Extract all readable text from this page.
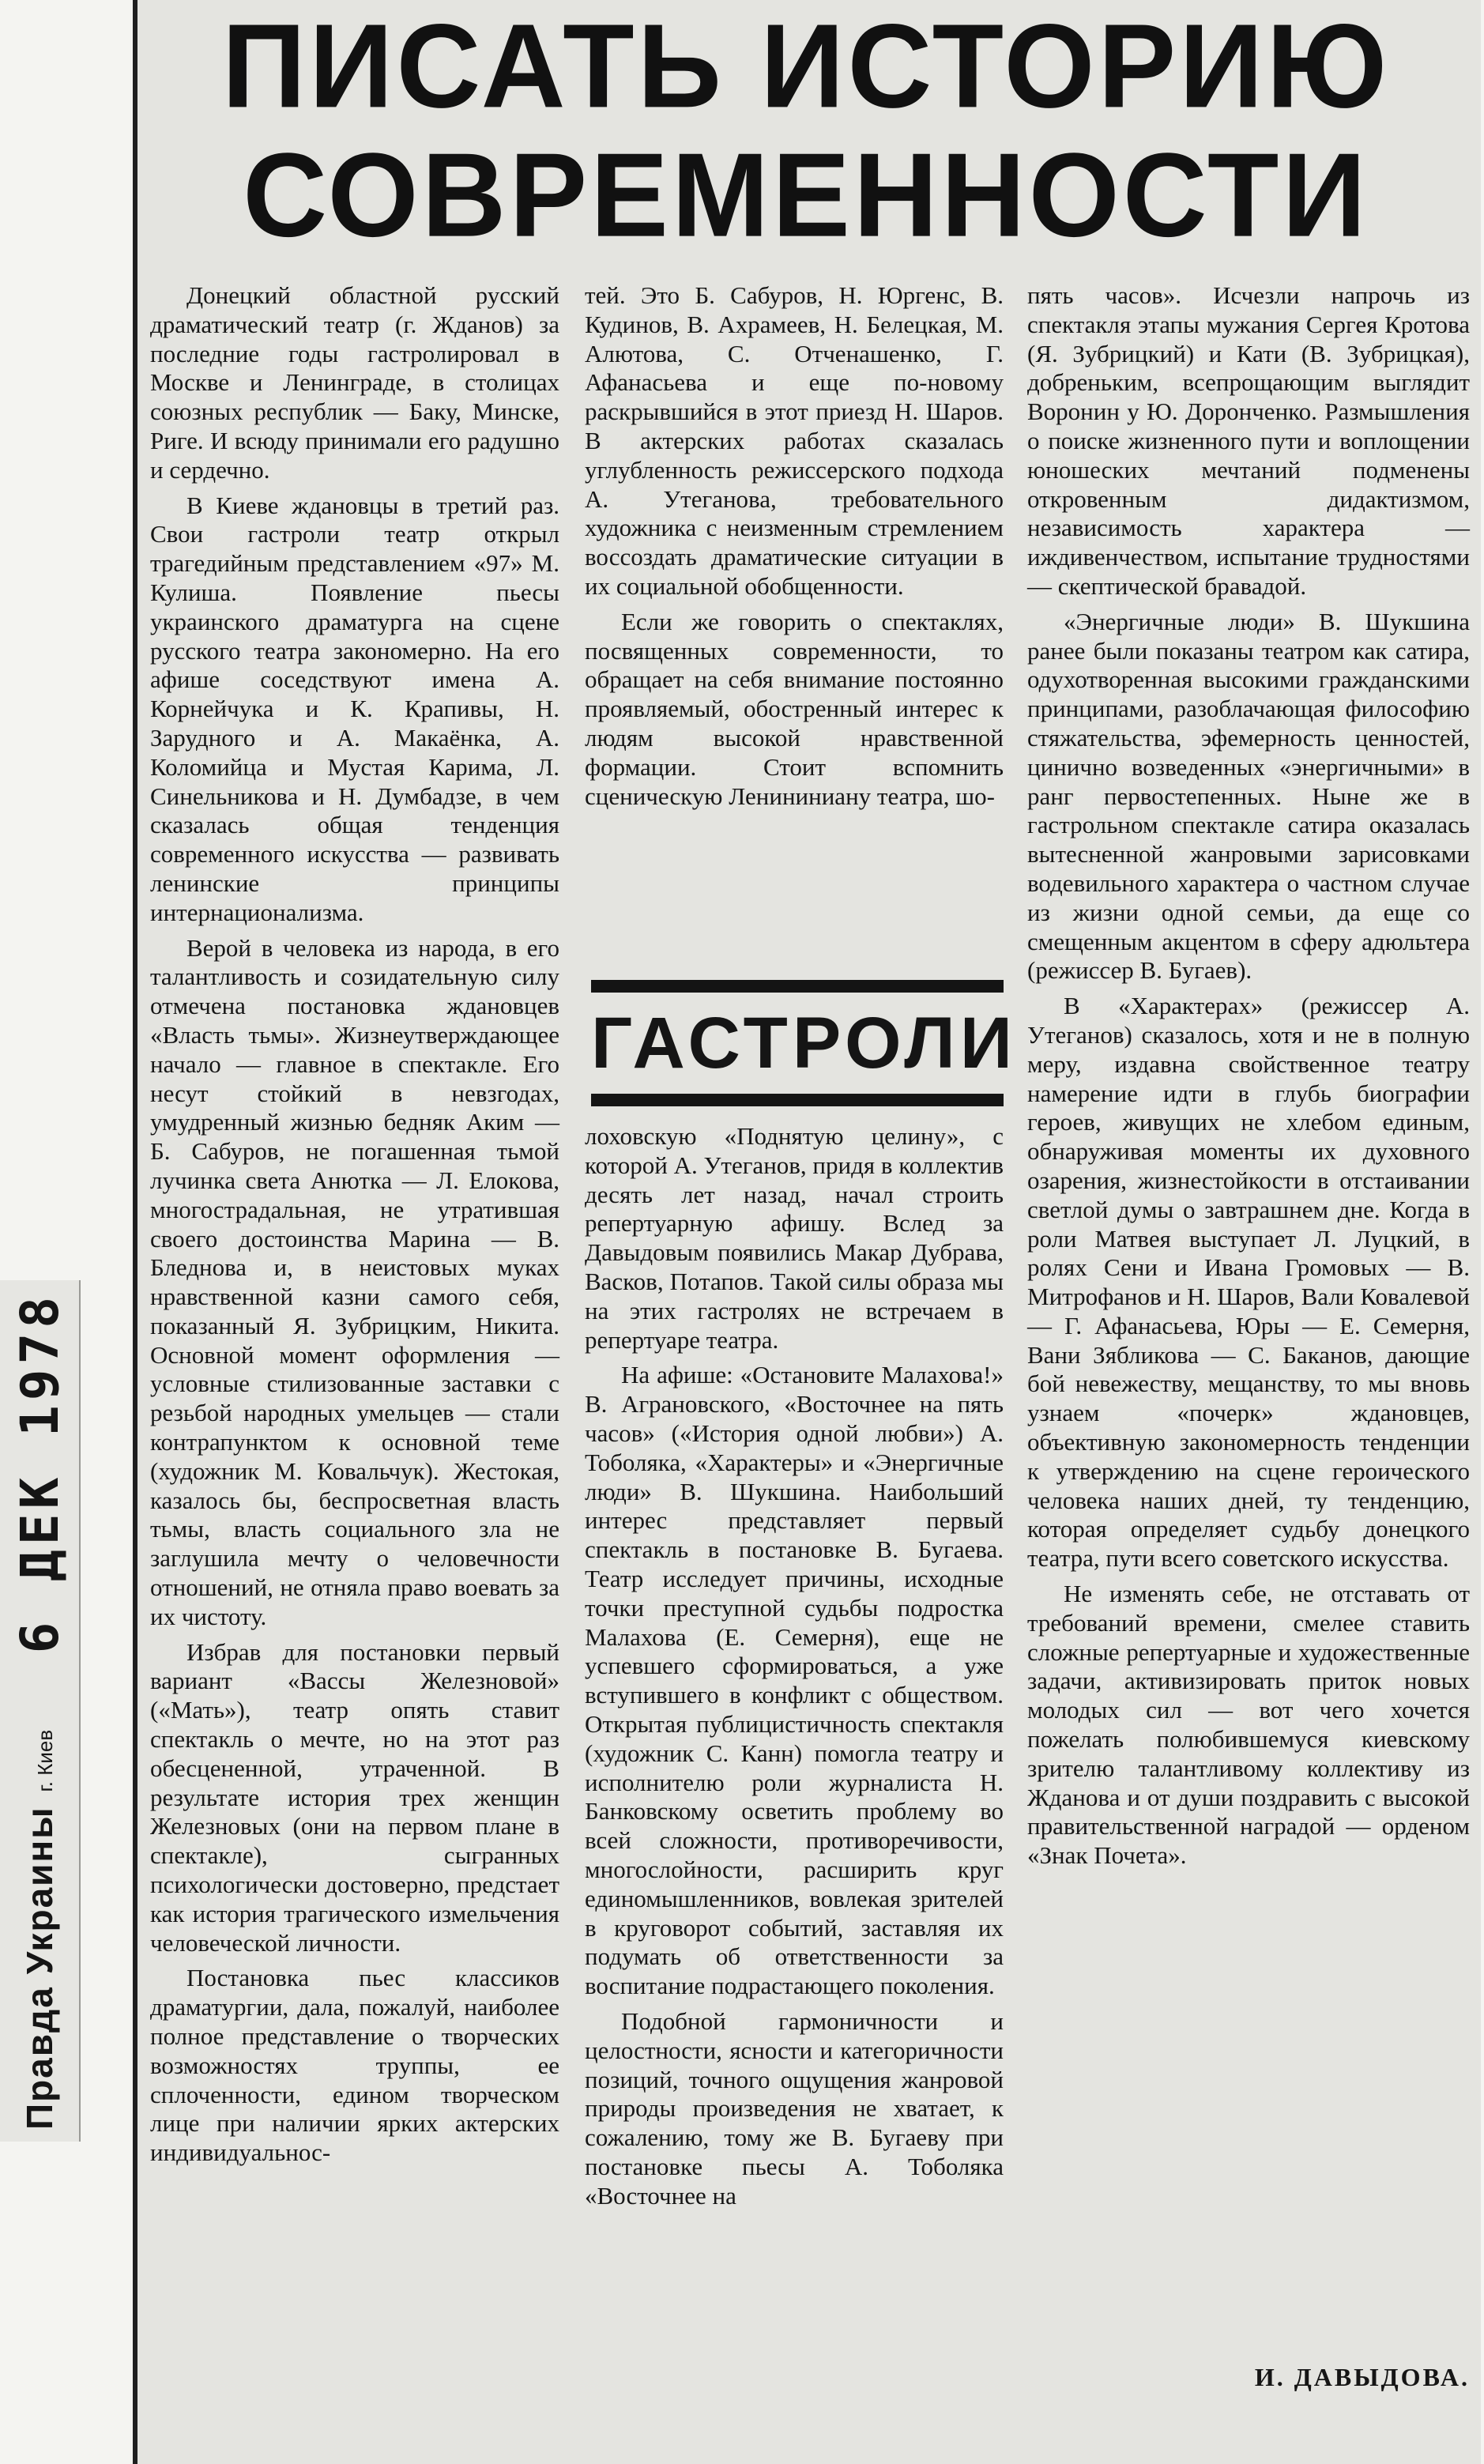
Правда Украины г. Киев
6 ДЕК 1978
ПИСАТЬ ИСТОРИЮ СОВРЕМЕННОСТИ

Донецкий областной русский драматический театр (г. Жданов) за последние годы гастролировал в Москве и Ленинграде, в столицах союзных республик — Баку, Минске, Риге. И всюду принимали его радушно и сердечно.

В Киеве ждановцы в третий раз. Свои гастроли театр открыл трагедийным представлением «97» М. Кулиша. Появление пьесы украинского драматурга на сцене русского театра закономерно. На его афише соседствуют имена А. Корнейчука и К. Крапивы, Н. Зарудного и А. Макаёнка, А. Коломийца и Мустая Карима, Л. Синельникова и Н. Думбадзе, в чем сказалась общая тенденция современного искусства — развивать ленинские принципы интернационализма.

Верой в человека из народа, в его талантливость и созидательную силу отмечена постановка ждановцев «Власть тьмы». Жизнеутверждающее начало — главное в спектакле. Его несут стойкий в невзгодах, умудренный жизнью бедняк Аким — Б. Сабуров, не погашенная тьмой лучинка света Анютка — Л. Елокова, многострадальная, не утратившая своего достоинства Марина — В. Бледнова и, в неистовых муках нравственной казни самого себя, показанный Я. Зубрицким, Никита. Основной момент оформления — условные стилизованные заставки с резьбой народных умельцев — стали контрапунктом к основной теме (художник М. Ковальчук). Жестокая, казалось бы, беспросветная власть тьмы, власть социального зла не заглушила мечту о человечности отношений, не отняла право воевать за их чистоту.

Избрав для постановки первый вариант «Вассы Железновой» («Мать»), театр опять ставит спектакль о мечте, но на этот раз обесцененной, утраченной. В результате история трех женщин Железновых (они на первом плане в спектакле), сыгранных психологически достоверно, предстает как история трагического измельчения человеческой личности.

Постановка пьес классиков драматургии, дала, пожалуй, наиболее полное представление о творческих возможностях труппы, ее сплоченности, едином творческом лице при наличии ярких актерских индивидуальнос-

тей. Это Б. Сабуров, Н. Юргенс, В. Кудинов, В. Ахрамеев, Н. Белецкая, М. Алютова, С. Отченашенко, Г. Афанасьева и еще по-новому раскрывшийся в этот приезд Н. Шаров. В актерских работах сказалась углубленность режиссерского подхода А. Утеганова, требовательного художника с неизменным стремлением воссоздать драматические ситуации в их социальной обобщенности.

Если же говорить о спектаклях, посвященных современности, то обращает на себя внимание постоянно проявляемый, обостренный интерес к людям высокой нравственной формации. Стоит вспомнить сценическую Ленининиану театра, шо-

ГАСТРОЛИ

лоховскую «Поднятую целину», с которой А. Утеганов, придя в коллектив десять лет назад, начал строить репертуарную афишу. Вслед за Давыдовым появились Макар Дубрава, Васков, Потапов. Такой силы образа мы на этих гастролях не встречаем в репертуаре театра.

На афише: «Остановите Малахова!» В. Аграновского, «Восточнее на пять часов» («История одной любви») А. Тоболяка, «Характеры» и «Энергичные люди» В. Шукшина. Наибольший интерес представляет первый спектакль в постановке В. Бугаева. Театр исследует причины, исходные точки преступной судьбы подростка Малахова (Е. Семерня), еще не успевшего сформироваться, а уже вступившего в конфликт с обществом. Открытая публицистичность спектакля (художник С. Канн) помогла театру и исполнителю роли журналиста Н. Банковскому осветить проблему во всей сложности, противоречивости, многослойности, расширить круг единомышленников, вовлекая зрителей в круговорот событий, заставляя их подумать об ответственности за воспитание подрастающего поколения.

Подобной гармоничности и целостности, ясности и категоричности позиций, точного ощущения жанровой природы произведения не хватает, к сожалению, тому же В. Бугаеву при постановке пьесы А. Тоболяка «Восточнее на

пять часов». Исчезли напрочь из спектакля этапы мужания Сергея Кротова (Я. Зубрицкий) и Кати (В. Зубрицкая), добреньким, всепрощающим выглядит Воронин у Ю. Доронченко. Размышления о поиске жизненного пути и воплощении юношеских мечтаний подменены откровенным дидактизмом, независимость характера — иждивенчеством, испытание трудностями — скептической бравадой.

«Энергичные люди» В. Шукшина ранее были показаны театром как сатира, одухотворенная высокими гражданскими принципами, разоблачающая философию стяжательства, эфемерность ценностей, цинично возведенных «энергичными» в ранг первостепенных. Ныне же в гастрольном спектакле сатира оказалась вытесненной жанровыми зарисовками водевильного характера о частном случае из жизни одной семьи, да еще со смещенным акцентом в сферу адюльтера (режиссер В. Бугаев).

В «Характерах» (режиссер А. Утеганов) сказалось, хотя и не в полную меру, издавна свойственное театру намерение идти в глубь биографии героев, живущих не хлебом единым, обнаруживая моменты их духовного озарения, жизнестойкости в отстаивании светлой думы о завтрашнем дне. Когда в роли Матвея выступает Л. Луцкий, в ролях Сени и Ивана Громовых — В. Митрофанов и Н. Шаров, Вали Ковалевой — Г. Афанасьева, Юры — Е. Семерня, Вани Зябликова — С. Баканов, дающие бой невежеству, мещанству, то мы вновь узнаем «почерк» ждановцев, объективную закономерность тенденции к утверждению на сцене героического человека наших дней, ту тенденцию, которая определяет судьбу донецкого театра, пути всего советского искусства.

Не изменять себе, не отставать от требований времени, смелее ставить сложные репертуарные и художественные задачи, активизировать приток новых молодых сил — вот чего хочется пожелать полюбившемуся киевскому зрителю талантливому коллективу из Жданова и от души поздравить с высокой правительственной наградой — орденом «Знак Почета».

И. ДАВЫДОВА.
